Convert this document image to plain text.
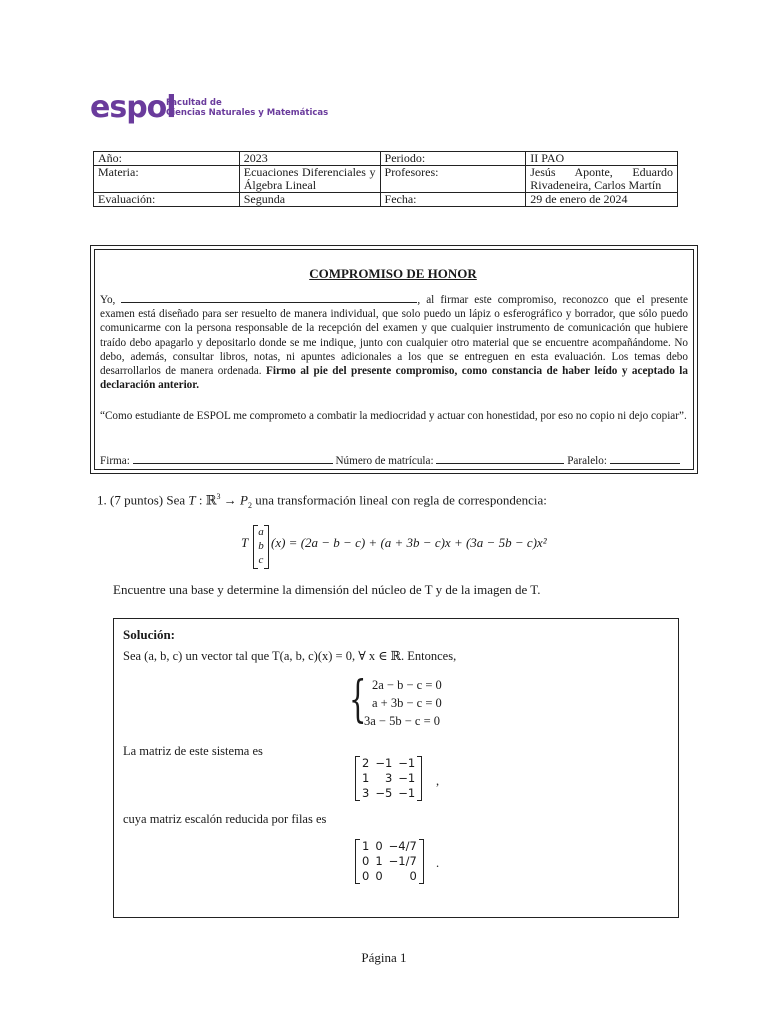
espol
Facultad de
Ciencias Naturales y Matemáticas
Año:	2023	Periodo:	II PAO
Materia:	Ecuaciones Diferenciales y Álgebra Lineal	Profesores:	Jesús Aponte, Eduardo Rivadeneira, Carlos Martín
Evaluación:	Segunda	Fecha:	29 de enero de 2024
COMPROMISO DE HONOR
Yo,	, al firmar este compromiso, reconozco que el presente examen está diseñado para ser resuelto de manera individual, que solo puedo un lápiz o esferográfico y borrador, que sólo puedo comunicarme con la persona responsable de la recepción del examen y que cualquier instrumento de comunicación que hubiere traído debo apagarlo y depositarlo donde se me indique, junto con cualquier otro material que se encuentre acompañándome. No debo, además, consultar libros, notas, ni apuntes adicionales a los que se entreguen en esta evaluación. Los temas debo desarrollarlos de manera ordenada. Firmo al pie del presente compromiso, como constancia de haber leído y aceptado la declaración anterior.
“Como estudiante de ESPOL me comprometo a combatir la mediocridad y actuar con honestidad, por eso no copio ni dejo copiar”.
Firma:	Número de matrícula:	Paralelo:
1. (7 puntos) Sea T : ℝ$^3$ → $P_2$ una transformación lineal con regla de correspondencia:
T
a
b
c
(x) = (2a − b − c) + (a + 3b − c)x + (3a − 5b − c)x²
Encuentre una base y determine la dimensión del núcleo de T y de la imagen de T.
Solución:
Sea (a, b, c) un vector tal que T(a, b, c)(x) = 0, ∀ x ∈ ℝ. Entonces,
{ 2a − b − c = 0
a + 3b − c = 0
3a − 5b − c = 0
La matriz de este sistema es
2	−1	−1
1	3	−1
3	−5	−1
,
cuya matriz escalón reducida por filas es
1	0	−4/7
0	1	−1/7
0	0	0
.
Página 1
